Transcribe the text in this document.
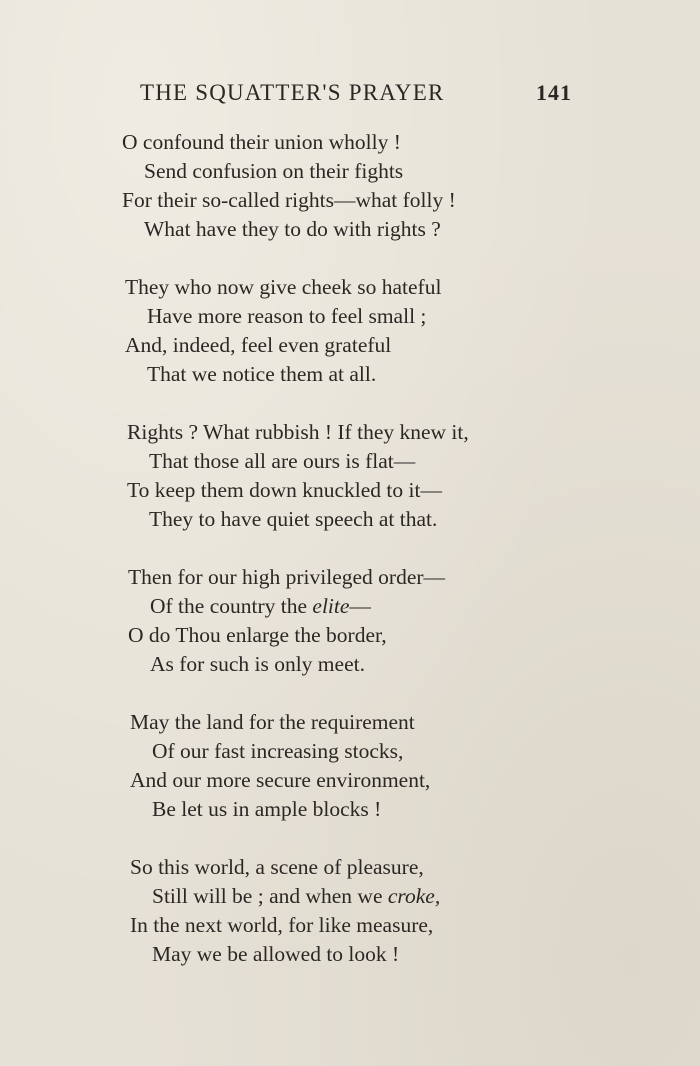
THE SQUATTER'S PRAYER	141
O confound their union wholly !
Send confusion on their fights
For their so-called rights—what folly !
What have they to do with rights ?
They who now give cheek so hateful
Have more reason to feel small ;
And, indeed, feel even grateful
That we notice them at all.
Rights ? What rubbish ! If they knew it,
That those all are ours is flat—
To keep them down knuckled to it—
They to have quiet speech at that.
Then for our high privileged order—
Of the country the elite—
O do Thou enlarge the border,
As for such is only meet.
May the land for the requirement
Of our fast increasing stocks,
And our more secure environment,
Be let us in ample blocks !
So this world, a scene of pleasure,
Still will be ; and when we croke,
In the next world, for like measure,
May we be allowed to look !
